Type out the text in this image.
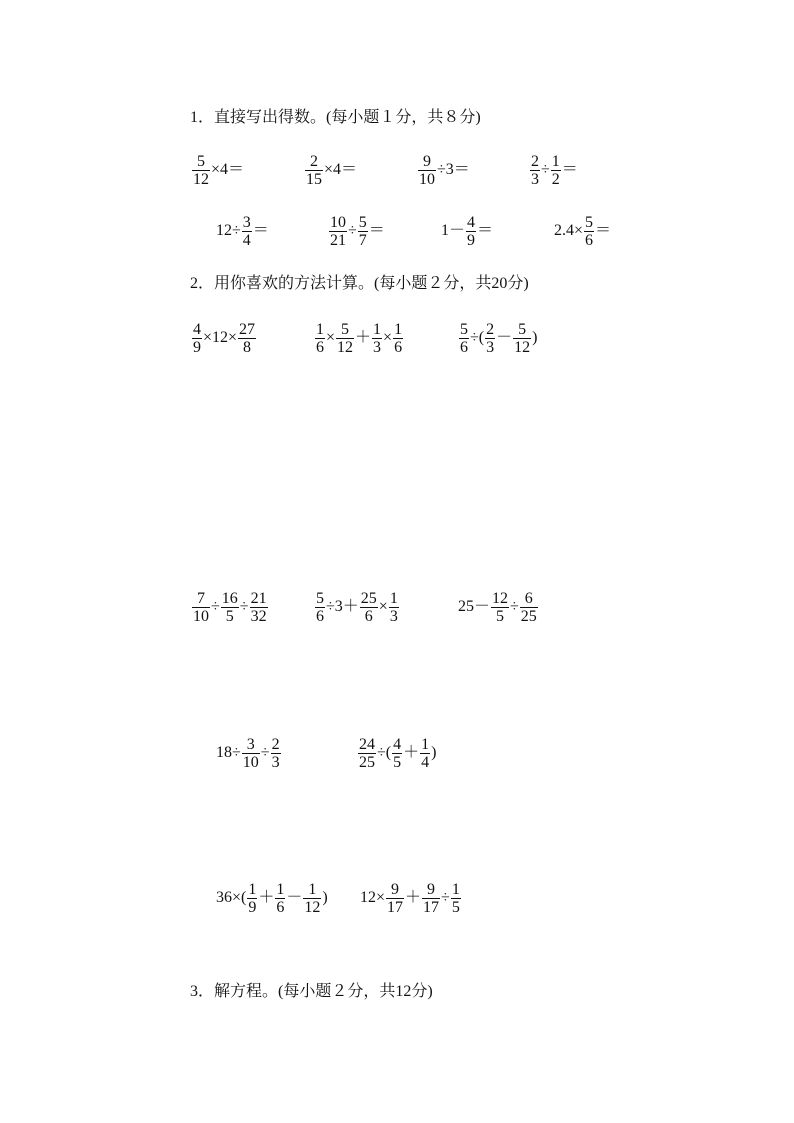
1．直接写出得数。(每小题１分，共８分)
2．用你喜欢的方法计算。(每小题２分，共20分)
3．解方程。(每小题２分，共12分)
$\frac{5}{12} \times 4=$	$\frac{2}{15} \times 4=$	$\frac{9}{10} \div 3=$	$\frac{2}{3} \div \frac{1}{2}$ ＝
$12\div \frac{3}{4}$ ＝	$\frac{10}{21} \div \frac{5}{7}$ ＝	$1- \frac{4}{9}$ ＝	$2.4\times \frac{5}{6}$ ＝
$\frac{4}{9} \times 12\times \frac{27}{8}$	$\frac{1}{6} \times \frac{5}{12} + \frac{1}{3} \times \frac{1}{6}$	$\frac{5}{6}$ ÷( $\frac{2}{3} - \frac{5}{12}$ )
$\frac{7}{10} \div \frac{16}{5} \div \frac{21}{32}$	$\frac{5}{6} \div 3+ \frac{25}{6} \times \frac{1}{3}$	$25- \frac{12}{5} \div \frac{6}{25}$
$18\div \frac{3}{10} \div \frac{2}{3}$	$\frac{24}{25}$ ÷( $\frac{4}{5} + \frac{1}{4}$ )
$36\times( \frac{1}{9} + \frac{1}{6} - \frac{1}{12}$ ) $12\times \frac{9}{17} + \frac{9}{17} \div \frac{1}{5}$
